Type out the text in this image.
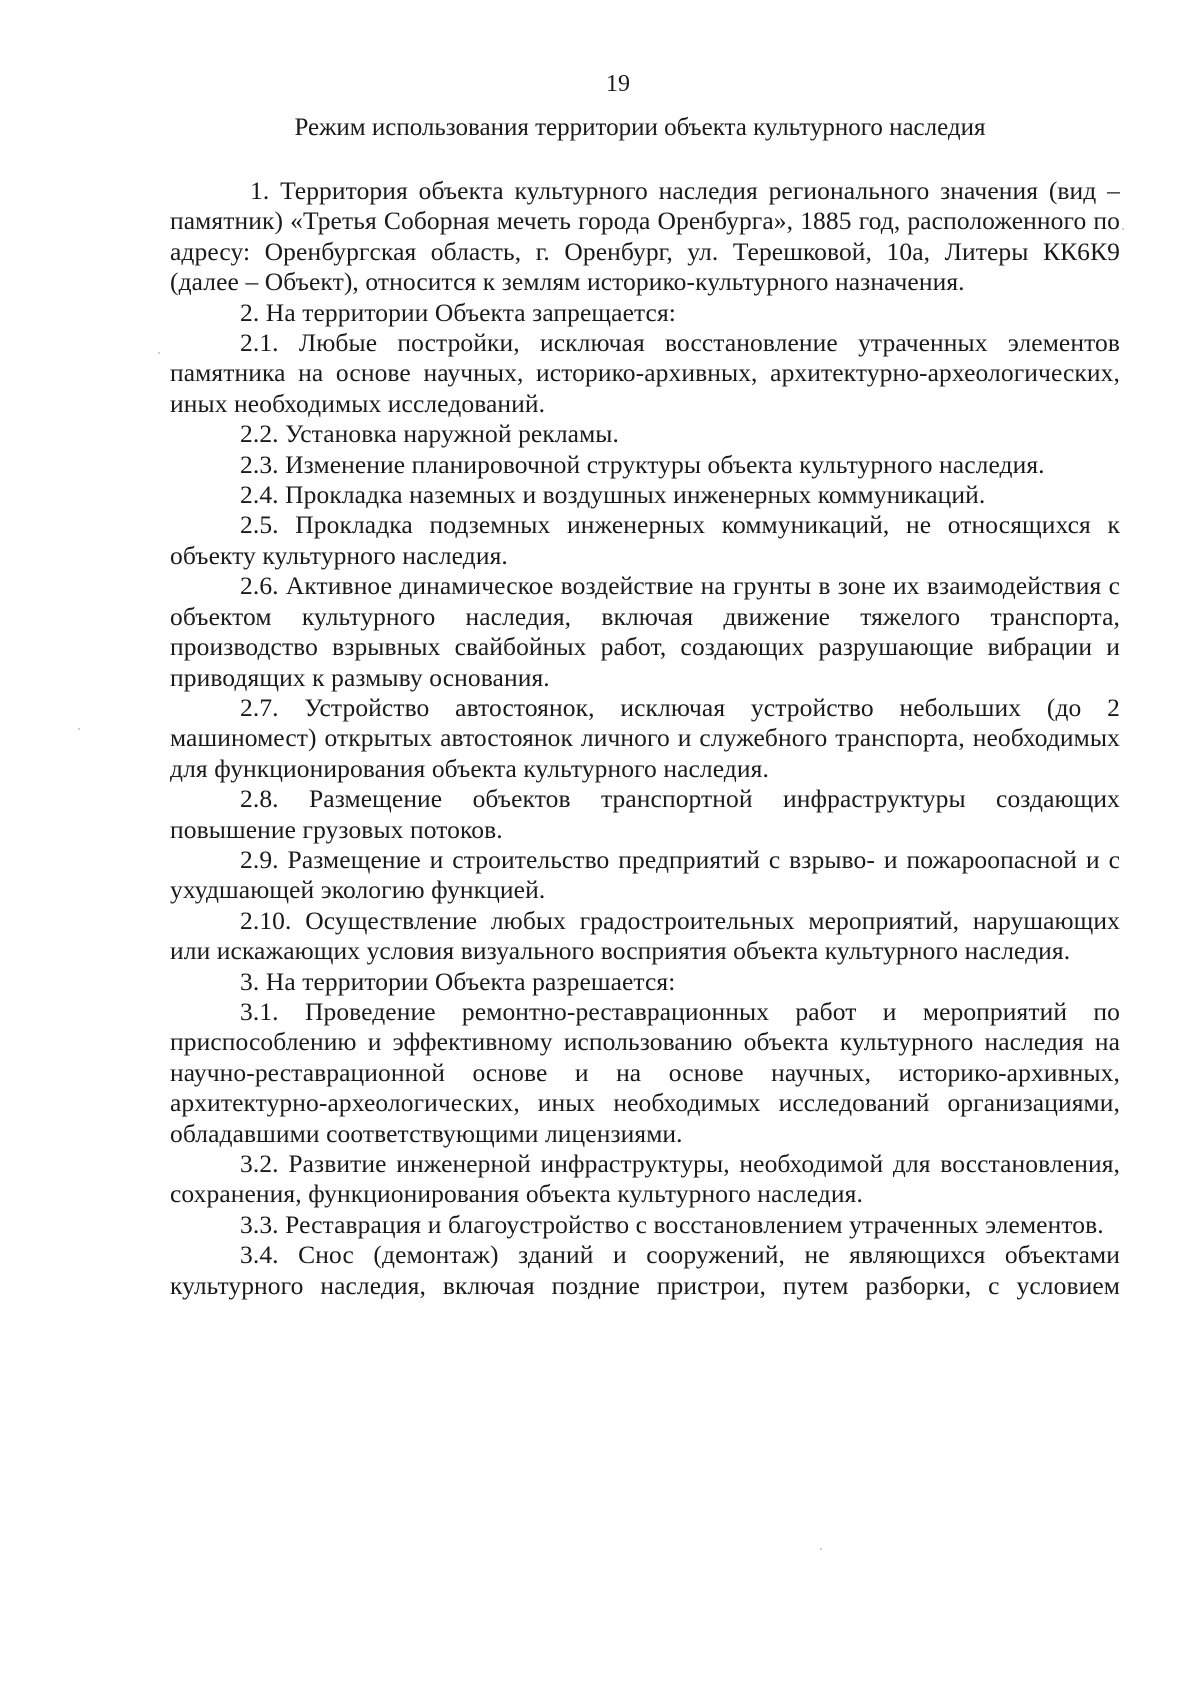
19
Режим использования территории объекта культурного наследия

1. Территория объекта культурного наследия регионального значения (вид – памятник) «Третья Соборная мечеть города Оренбурга», 1885 год, расположенного по адресу: Оренбургская область, г. Оренбург, ул. Терешковой, 10а, Литеры КК6К9 (далее – Объект), относится к землям историко-культурного назначения.

2. На территории Объекта запрещается:

2.1. Любые постройки, исключая восстановление утраченных элементов памятника на основе научных, историко-архивных, архитектурно-археологических, иных необходимых исследований.

2.2. Установка наружной рекламы.

2.3. Изменение планировочной структуры объекта культурного наследия.

2.4. Прокладка наземных и воздушных инженерных коммуникаций.

2.5. Прокладка подземных инженерных коммуникаций, не относящихся к объекту культурного наследия.

2.6. Активное динамическое воздействие на грунты в зоне их взаимодействия с объектом культурного наследия, включая движение тяжелого транспорта, производство взрывных свайбойных работ, создающих разрушающие вибрации и приводящих к размыву основания.

2.7. Устройство автостоянок, исключая устройство небольших (до 2 машиномест) открытых автостоянок личного и служебного транспорта, необходимых для функционирования объекта культурного наследия.

2.8. Размещение объектов транспортной инфраструктуры создающих повышение грузовых потоков.

2.9. Размещение и строительство предприятий с взрыво- и пожароопасной и с ухудшающей экологию функцией.

2.10. Осуществление любых градостроительных мероприятий, нарушающих или искажающих условия визуального восприятия объекта культурного наследия.

3. На территории Объекта разрешается:

3.1. Проведение ремонтно-реставрационных работ и мероприятий по приспособлению и эффективному использованию объекта культурного наследия на научно-реставрационной основе и на основе научных, историко-архивных, архитектурно-археологических, иных необходимых исследований организациями, обладавшими соответствующими лицензиями.

3.2. Развитие инженерной инфраструктуры, необходимой для восстановления, сохранения, функционирования объекта культурного наследия.

3.3. Реставрация и благоустройство с восстановлением утраченных элементов.

3.4. Снос (демонтаж) зданий и сооружений, не являющихся объектами культурного наследия, включая поздние пристрои, путем разборки, с условием
